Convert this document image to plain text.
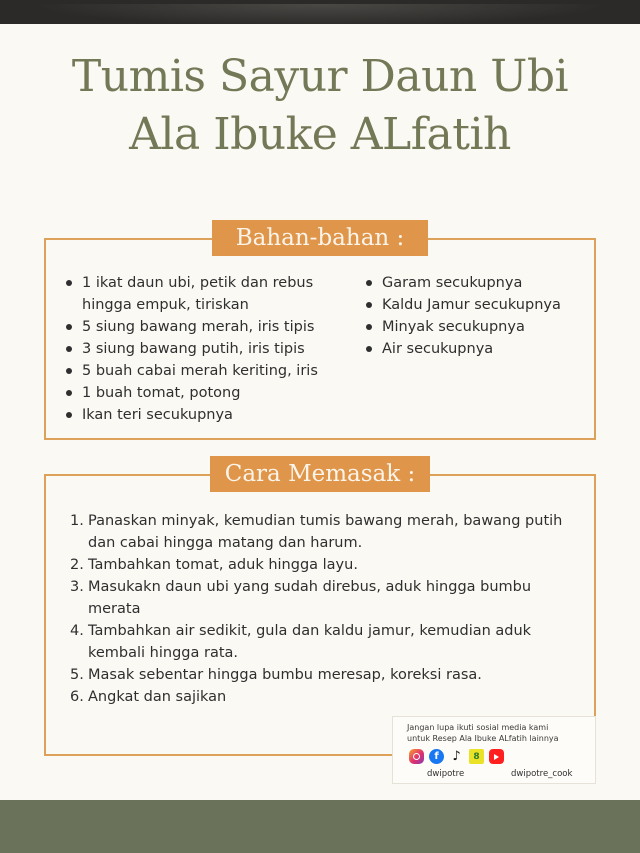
Tumis Sayur Daun Ubi
Ala Ibuke ALfatih
Bahan-bahan :
1 ikat daun ubi, petik dan rebus
hingga empuk, tiriskan
5 siung bawang merah, iris tipis
3 siung bawang putih, iris tipis
5 buah cabai merah keriting, iris
1 buah tomat, potong
Ikan teri secukupnya
Garam secukupnya
Kaldu Jamur secukupnya
Minyak secukupnya
Air secukupnya
Cara Memasak :
1. Panaskan minyak, kemudian tumis bawang merah, bawang putih
dan cabai hingga matang dan harum.
2. Tambahkan tomat, aduk hingga layu.
3. Masukakn daun ubi yang sudah direbus, aduk hingga bumbu
merata
4. Tambahkan air sedikit, gula dan kaldu jamur, kemudian aduk
kembali hingga rata.
5. Masak sebentar hingga bumbu meresap, koreksi rasa.
6. Angkat dan sajikan
Jangan lupa ikuti sosial media kami
untuk Resep Ala Ibuke ALfatih lainnya
f	♪	8
dwipotre	dwipotre_cook
